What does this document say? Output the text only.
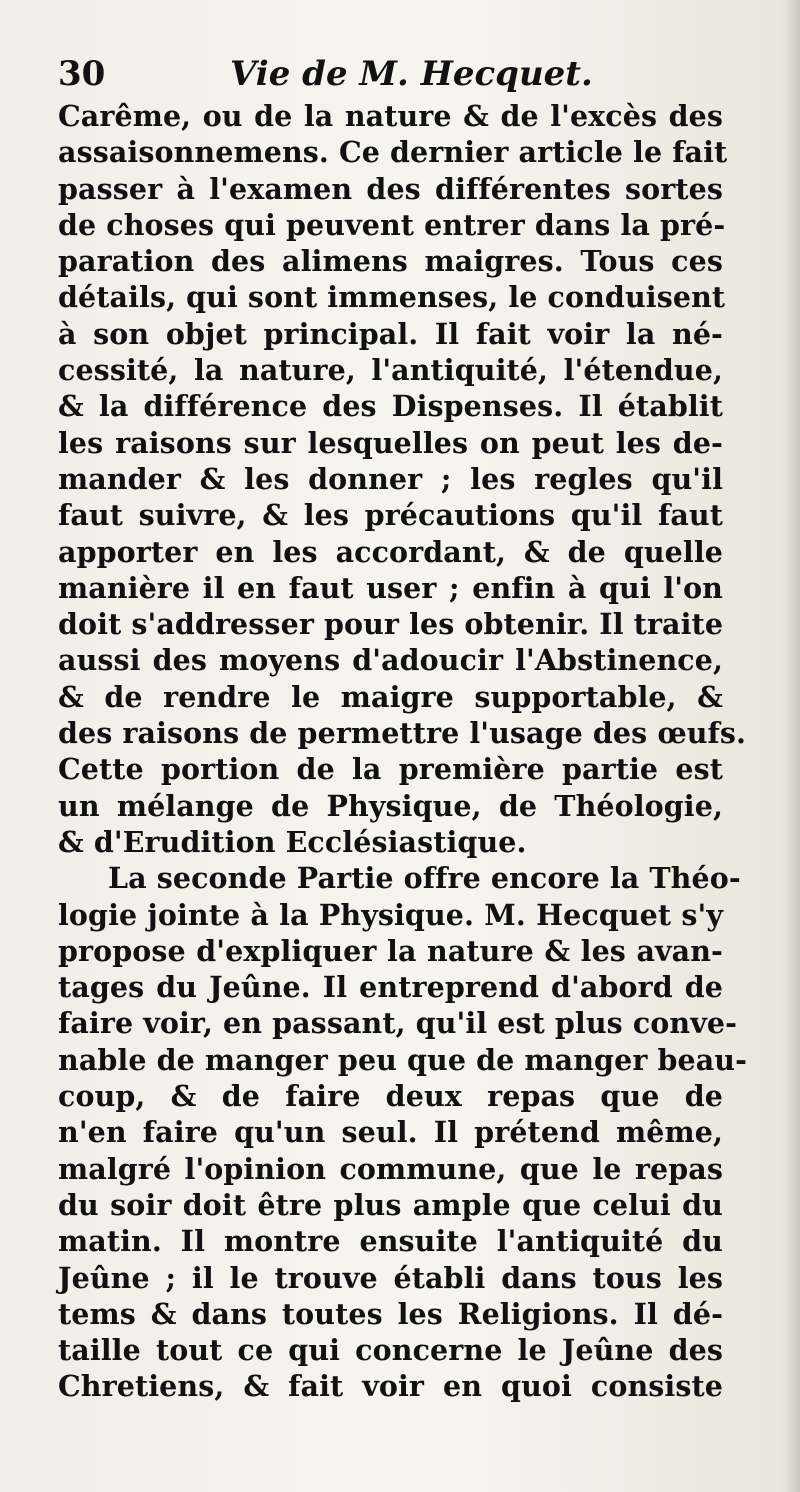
30	Vie de M. Hecquet.
Carême, ou de la nature & de l'excès des
assaisonnemens. Ce dernier article le fait
passer à l'examen des différentes sortes
de choses qui peuvent entrer dans la pré-
paration des alimens maigres. Tous ces
détails, qui sont immenses, le conduisent
à son objet principal. Il fait voir la né-
cessité, la nature, l'antiquité, l'étendue,
& la différence des Dispenses. Il établit
les raisons sur lesquelles on peut les de-
mander & les donner ; les regles qu'il
faut suivre, & les précautions qu'il faut
apporter en les accordant, & de quelle
manière il en faut user ; enfin à qui l'on
doit s'addresser pour les obtenir. Il traite
aussi des moyens d'adoucir l'Abstinence,
& de rendre le maigre supportable, &
des raisons de permettre l'usage des œufs.
Cette portion de la première partie est
un mélange de Physique, de Théologie,
& d'Erudition Ecclésiastique.
La seconde Partie offre encore la Théo-
logie jointe à la Physique. M. Hecquet s'y
propose d'expliquer la nature & les avan-
tages du Jeûne. Il entreprend d'abord de
faire voir, en passant, qu'il est plus conve-
nable de manger peu que de manger beau-
coup, & de faire deux repas que de
n'en faire qu'un seul. Il prétend même,
malgré l'opinion commune, que le repas
du soir doit être plus ample que celui du
matin. Il montre ensuite l'antiquité du
Jeûne ; il le trouve établi dans tous les
tems & dans toutes les Religions. Il dé-
taille tout ce qui concerne le Jeûne des
Chretiens, & fait voir en quoi consiste
